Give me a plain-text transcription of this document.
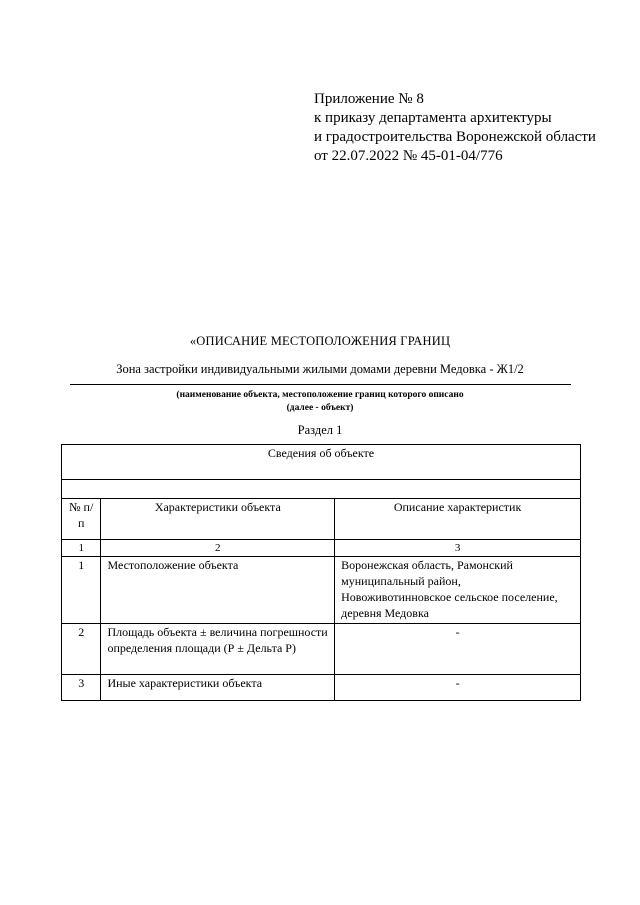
Приложение № 8
к приказу департамента архитектуры
и градостроительства Воронежской области
от 22.07.2022 № 45-01-04/776
«ОПИСАНИЕ МЕСТОПОЛОЖЕНИЯ ГРАНИЦ
Зона застройки индивидуальными жилыми домами деревни Медовка - Ж1/2
(наименование объекта, местоположение границ которого описано
(далее - объект)
Раздел 1
Сведения об объекте		

№ п/п	Характеристики объекта	Описание характеристик
1	2	3
1	Местоположение объекта	Воронежская область, Рамонский муниципальный район, Новоживотинновское сельское поселение, деревня Медовка
2	Площадь объекта ± величина погрешности определения площади (Р ± Дельта Р)	-
3	Иные характеристики объекта	-
